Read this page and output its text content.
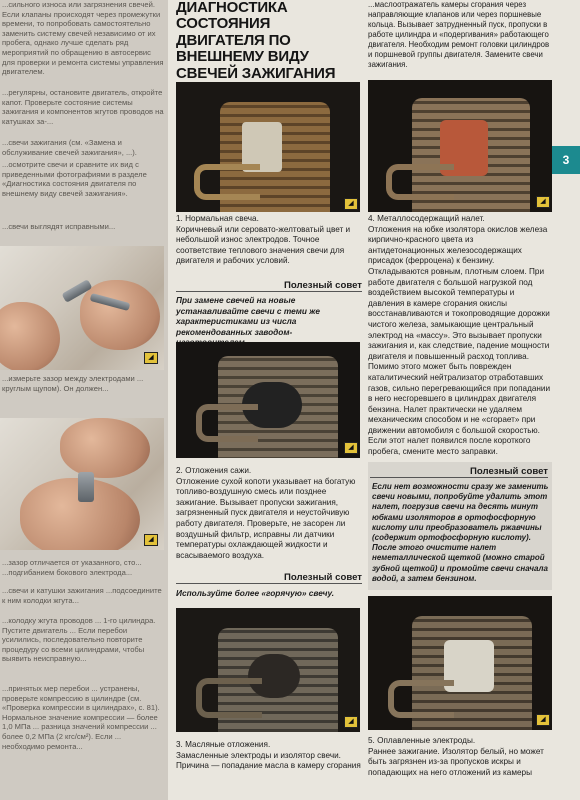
...сильного износа или загрязнения свечей. Если клапаны происходят через промежутки времени, то попробовать самостоятельно заменить систему свечей независимо от их пробега, однако лучше сделать ряд мероприятий по обращению в автосервис для проверки и ремонта системы управления двигателем.

...регулярны, остановите двигатель, откройте капот. Проверьте состояние системы зажигания и компонентов жгутов проводов на катушках за-...

...свечи зажигания (см. «Замена и обслуживание свечей зажигания», ...).

...осмотрите свечи и сравните их вид с приведенными фотографиями в разделе «Диагностика состояния двигателя по внешнему виду свечей зажигания».

...свечи выглядят исправными...

◢

...измерьте зазор между электродами ... круглым щупом). Он должен...

◢

...зазор отличается от указанного, сто... ...подгибанием бокового электрода...

...свечи и катушки зажигания ...подсоедините к ним колодки жгута...

...колодку жгута проводов ... 1-го цилиндра. Пустите двигатель ... Если перебои усилились, последовательно повторите процедуру со всеми цилиндрами, чтобы выявить неисправную...

...принятых мер перебои ... устранены, проверьте компрессию в цилиндре (см. «Проверка компрессии в цилиндрах», с. 81). Нормальное значение компрессии — более 1,0 МПа ... разница значений компрессии ... более 0,2 МПа (2 кгс/см²). Если ... необходимо ремонта...

ДИАГНОСТИКА СОСТОЯНИЯ ДВИГАТЕЛЯ ПО ВНЕШНЕМУ ВИДУ СВЕЧЕЙ ЗАЖИГАНИЯ
...маслоотражатель камеры сгорания через направляющие клапанов или через поршневые кольца. Вызывает затрудненный пуск, пропуски в работе цилиндра и «подергивания» работающего двигателя. Необходим ремонт головки цилиндров и поршневой группы двигателя. Замените свечи зажигания.
3
◢

1. Нормальная свеча.

Коричневый или серовато-желтоватый цвет и небольшой износ электродов. Точное соответствие теплового значения свечи для двигателя и рабочих условий.

Полезный совет
При замене свечей на новые устанавливайте свечи с теми же характеристиками из числа рекомендованных заводом-
◢

2. Отложения сажи.

Отложение сухой копоти указывает на богатую топливо-воздушную смесь или позднее зажигание. Вызывает пропуски зажигания, загрязненный пуск двигателя и неустойчивую работу двигателя. Проверьте, не засорен ли воздушный фильтр, исправны ли датчики температуры охлаждающей жидкости и всасываемого воздуха.

Полезный совет
Используйте более «горячую» свечу.
◢

3. Масляные отложения.

Замасленные электроды и изолятор свечи. Причина — попадание масла в камеру сгорания

◢

4. Металлосодержащий налет.

Отложения на юбке изолятора окислов железа кирпично-красного цвета из антидетонационных железосодержащих присадок (ферроцена) к бензину. Откладываются ровным, плотным слоем. При работе двигателя с большой нагрузкой под воздействием высокой температуры и давления в камере сгорания окислы восстанавливаются и токопроводящие дорожки чистого железа, замыкающие центральный электрод на «массу». Это вызывает пропуски зажигания и, как следствие, падение мощности двигателя и повышенный расход топлива. Помимо этого может быть поврежден каталитический нейтрализатор отработавших газов, сильно перегревающийся при попадании в него несгоревшего в цилиндрах двигателя бензина. Налет практически не удаляем механическим способом и не «сгорает» при движении автомобиля с большой скоростью. Если этот налет появился после короткого пробега, смените место заправки.

Полезный совет
Если нет возможности сразу же заменить свечи новыми, попробуйте удалить этот налет, погрузив свечи на десять минут юбками изоляторов в ортофосфорную кислоту или преобразователь ржавчины (содержит ортофосфорную кислоту). После этого очистите налет неметаллической щеткой (можно старой зубной щеткой) и промойте свечи сначала водой, а затем бензином.
◢

5. Оплавленные электроды.

Раннее зажигание. Изолятор белый, но может быть загрязнен из-за пропусков искры и попадающих на него отложений из камеры
